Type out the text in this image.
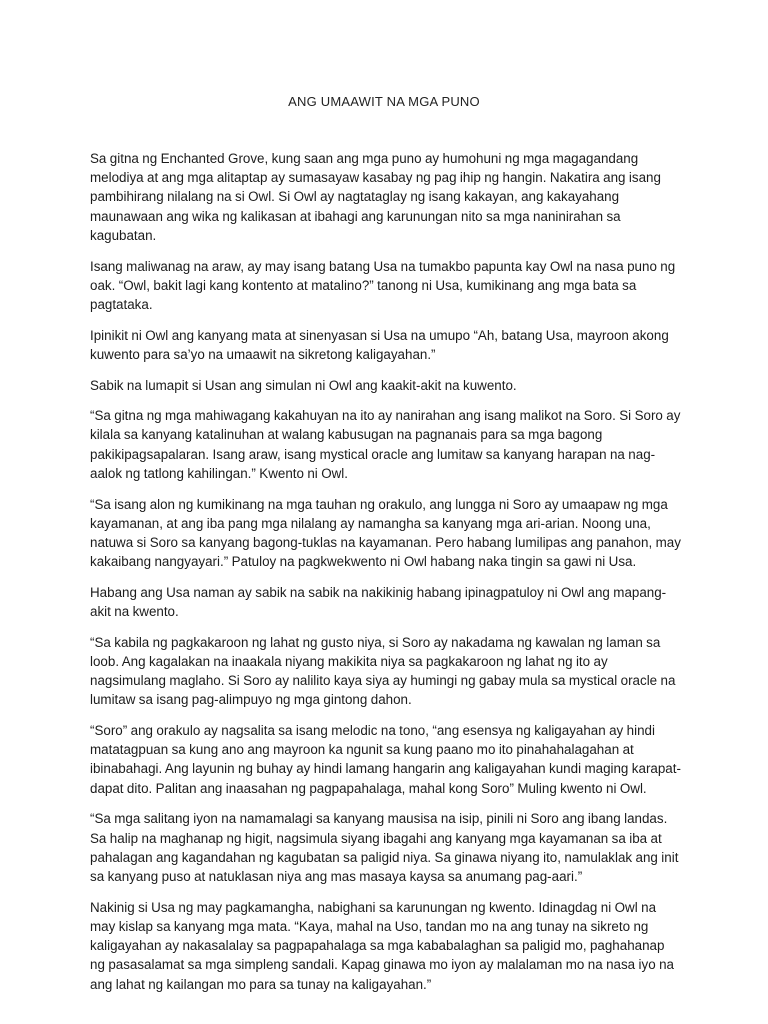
ANG UMAAWIT NA MGA PUNO

Sa gitna ng Enchanted Grove, kung saan ang mga puno ay humohuni ng mga magagandang melodiya at ang mga alitaptap ay sumasayaw kasabay ng pag ihip ng hangin. Nakatira ang isang pambihirang nilalang na si Owl. Si Owl ay nagtataglay ng isang kakayan, ang kakayahang maunawaan ang wika ng kalikasan at ibahagi ang karunungan nito sa mga naninirahan sa kagubatan.

Isang maliwanag na araw, ay may isang batang Usa na tumakbo papunta kay Owl na nasa puno ng oak. “Owl, bakit lagi kang kontento at matalino?” tanong ni Usa, kumikinang ang mga bata sa pagtataka.

Ipinikit ni Owl ang kanyang mata at sinenyasan si Usa na umupo “Ah, batang Usa, mayroon akong kuwento para sa’yo na umaawit na sikretong kaligayahan.”

Sabik na lumapit si Usan ang simulan ni Owl ang kaakit-akit na kuwento.

“Sa gitna ng mga mahiwagang kakahuyan na ito ay nanirahan ang isang malikot na Soro. Si Soro ay kilala sa kanyang katalinuhan at walang kabusugan na pagnanais para sa mga bagong pakikipagsapalaran. Isang araw, isang mystical oracle ang lumitaw sa kanyang harapan na nag-aalok ng tatlong kahilingan.” Kwento ni Owl.

“Sa isang alon ng kumikinang na mga tauhan ng orakulo, ang lungga ni Soro ay umaapaw ng mga kayamanan, at ang iba pang mga nilalang ay namangha sa kanyang mga ari-arian. Noong una, natuwa si Soro sa kanyang bagong-tuklas na kayamanan. Pero habang lumilipas ang panahon, may kakaibang nangyayari.” Patuloy na pagkwekwento ni Owl habang naka tingin sa gawi ni Usa.

Habang ang Usa naman ay sabik na sabik na nakikinig habang ipinagpatuloy ni Owl ang mapang-akit na kwento.

“Sa kabila ng pagkakaroon ng lahat ng gusto niya, si Soro ay nakadama ng kawalan ng laman sa loob. Ang kagalakan na inaakala niyang makikita niya sa pagkakaroon ng lahat ng ito ay nagsimulang maglaho. Si Soro ay nalilito kaya siya ay humingi ng gabay mula sa mystical oracle na lumitaw sa isang pag-alimpuyo ng mga gintong dahon.

“Soro” ang orakulo ay nagsalita sa isang melodic na tono, “ang esensya ng kaligayahan ay hindi matatagpuan sa kung ano ang mayroon ka ngunit sa kung paano mo ito pinahahalagahan at ibinabahagi. Ang layunin ng buhay ay hindi lamang hangarin ang kaligayahan kundi maging karapat-dapat dito. Palitan ang inaasahan ng pagpapahalaga, mahal kong Soro” Muling kwento ni Owl.

“Sa mga salitang iyon na namamalagi sa kanyang mausisa na isip, pinili ni Soro ang ibang landas. Sa halip na maghanap ng higit, nagsimula siyang ibagahi ang kanyang mga kayamanan sa iba at pahalagan ang kagandahan ng kagubatan sa paligid niya. Sa ginawa niyang ito, namulaklak ang init sa kanyang puso at natuklasan niya ang mas masaya kaysa sa anumang pag-aari.”

Nakinig si Usa ng may pagkamangha, nabighani sa karunungan ng kwento. Idinagdag ni Owl na may kislap sa kanyang mga mata. “Kaya, mahal na Uso, tandan mo na ang tunay na sikreto ng kaligayahan ay nakasalalay sa pagpapahalaga sa mga kababalaghan sa paligid mo, paghahanap ng pasasalamat sa mga simpleng sandali. Kapag ginawa mo iyon ay malalaman mo na nasa iyo na ang lahat ng kailangan mo para sa tunay na kaligayahan.”
